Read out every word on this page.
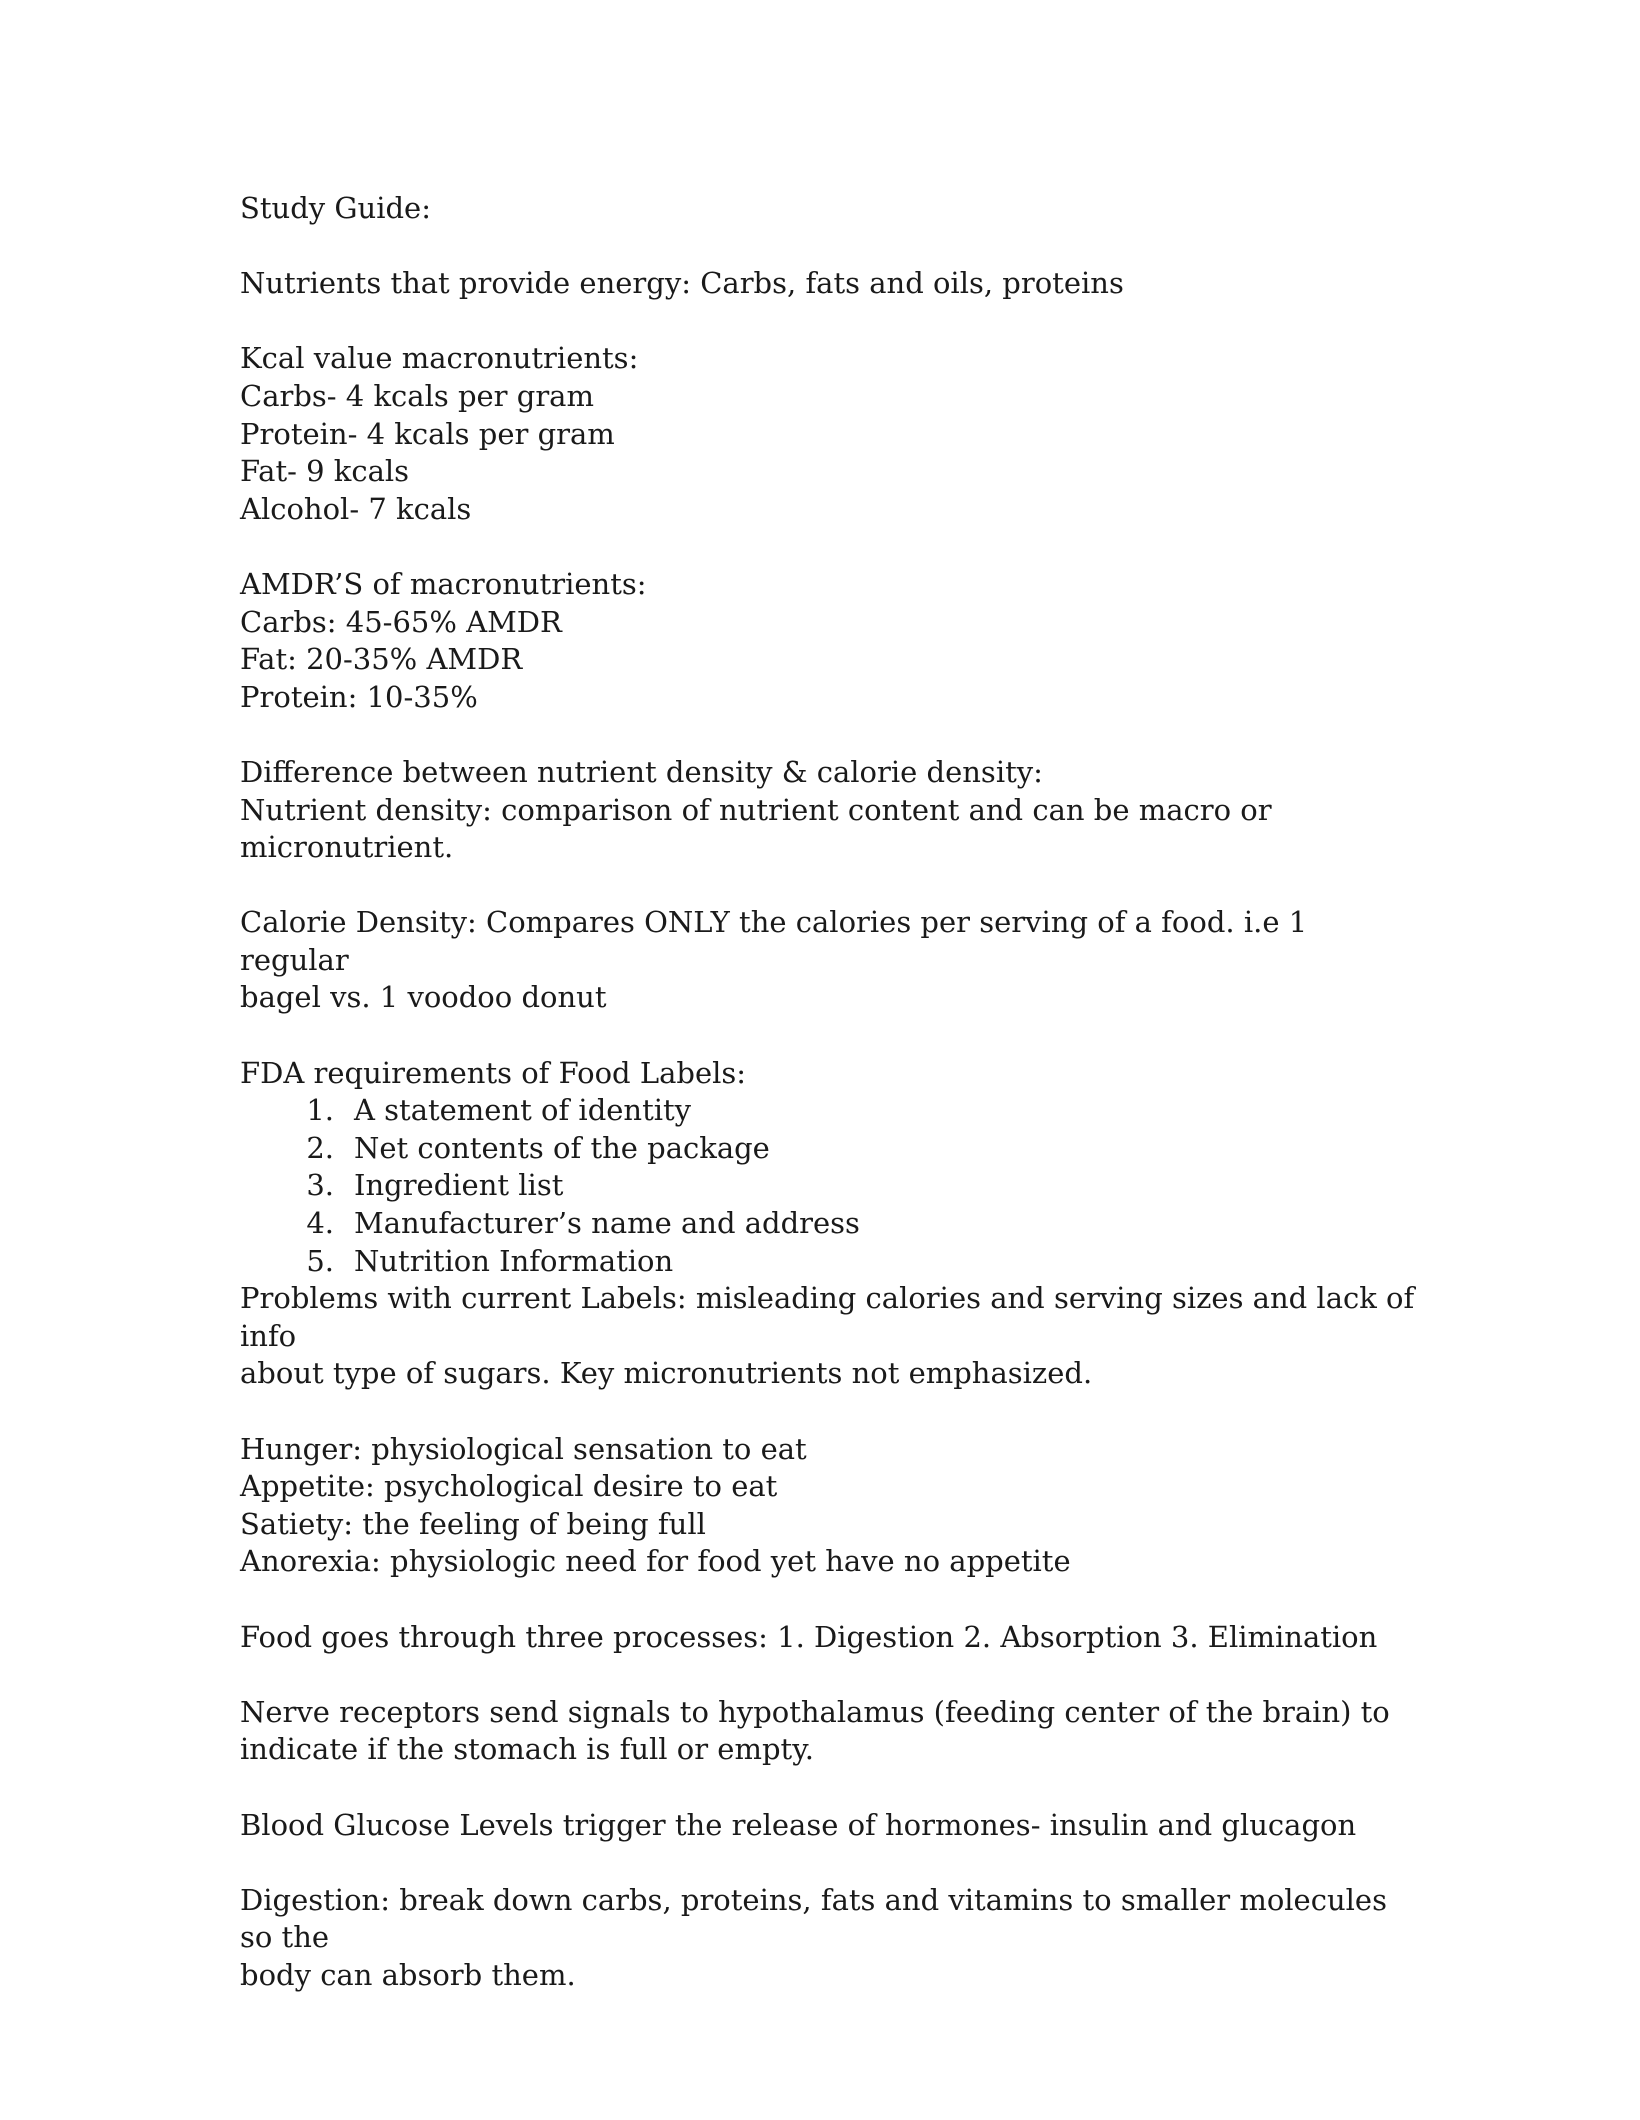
Study Guide:

Nutrients that provide energy: Carbs, fats and oils, proteins

Kcal value macronutrients:

Carbs- 4 kcals per gram

Protein- 4 kcals per gram

Fat- 9 kcals

Alcohol- 7 kcals

AMDR’S of macronutrients:

Carbs: 45-65% AMDR

Fat: 20-35% AMDR

Protein: 10-35%

Difference between nutrient density & calorie density:

Nutrient density: comparison of nutrient content and can be macro or

micronutrient.

Calorie Density: Compares ONLY the calories per serving of a food. i.e 1 regular

bagel vs. 1 voodoo donut

FDA requirements of Food Labels:

1. A statement of identity
2. Net contents of the package
3. Ingredient list
4. Manufacturer’s name and address
5. Nutrition Information

Problems with current Labels: misleading calories and serving sizes and lack of info

about type of sugars. Key micronutrients not emphasized.

Hunger: physiological sensation to eat

Appetite: psychological desire to eat

Satiety: the feeling of being full

Anorexia: physiologic need for food yet have no appetite

Food goes through three processes: 1. Digestion 2. Absorption 3. Elimination

Nerve receptors send signals to hypothalamus (feeding center of the brain) to

indicate if the stomach is full or empty.

Blood Glucose Levels trigger the release of hormones- insulin and glucagon

Digestion: break down carbs, proteins, fats and vitamins to smaller molecules so the

body can absorb them.
